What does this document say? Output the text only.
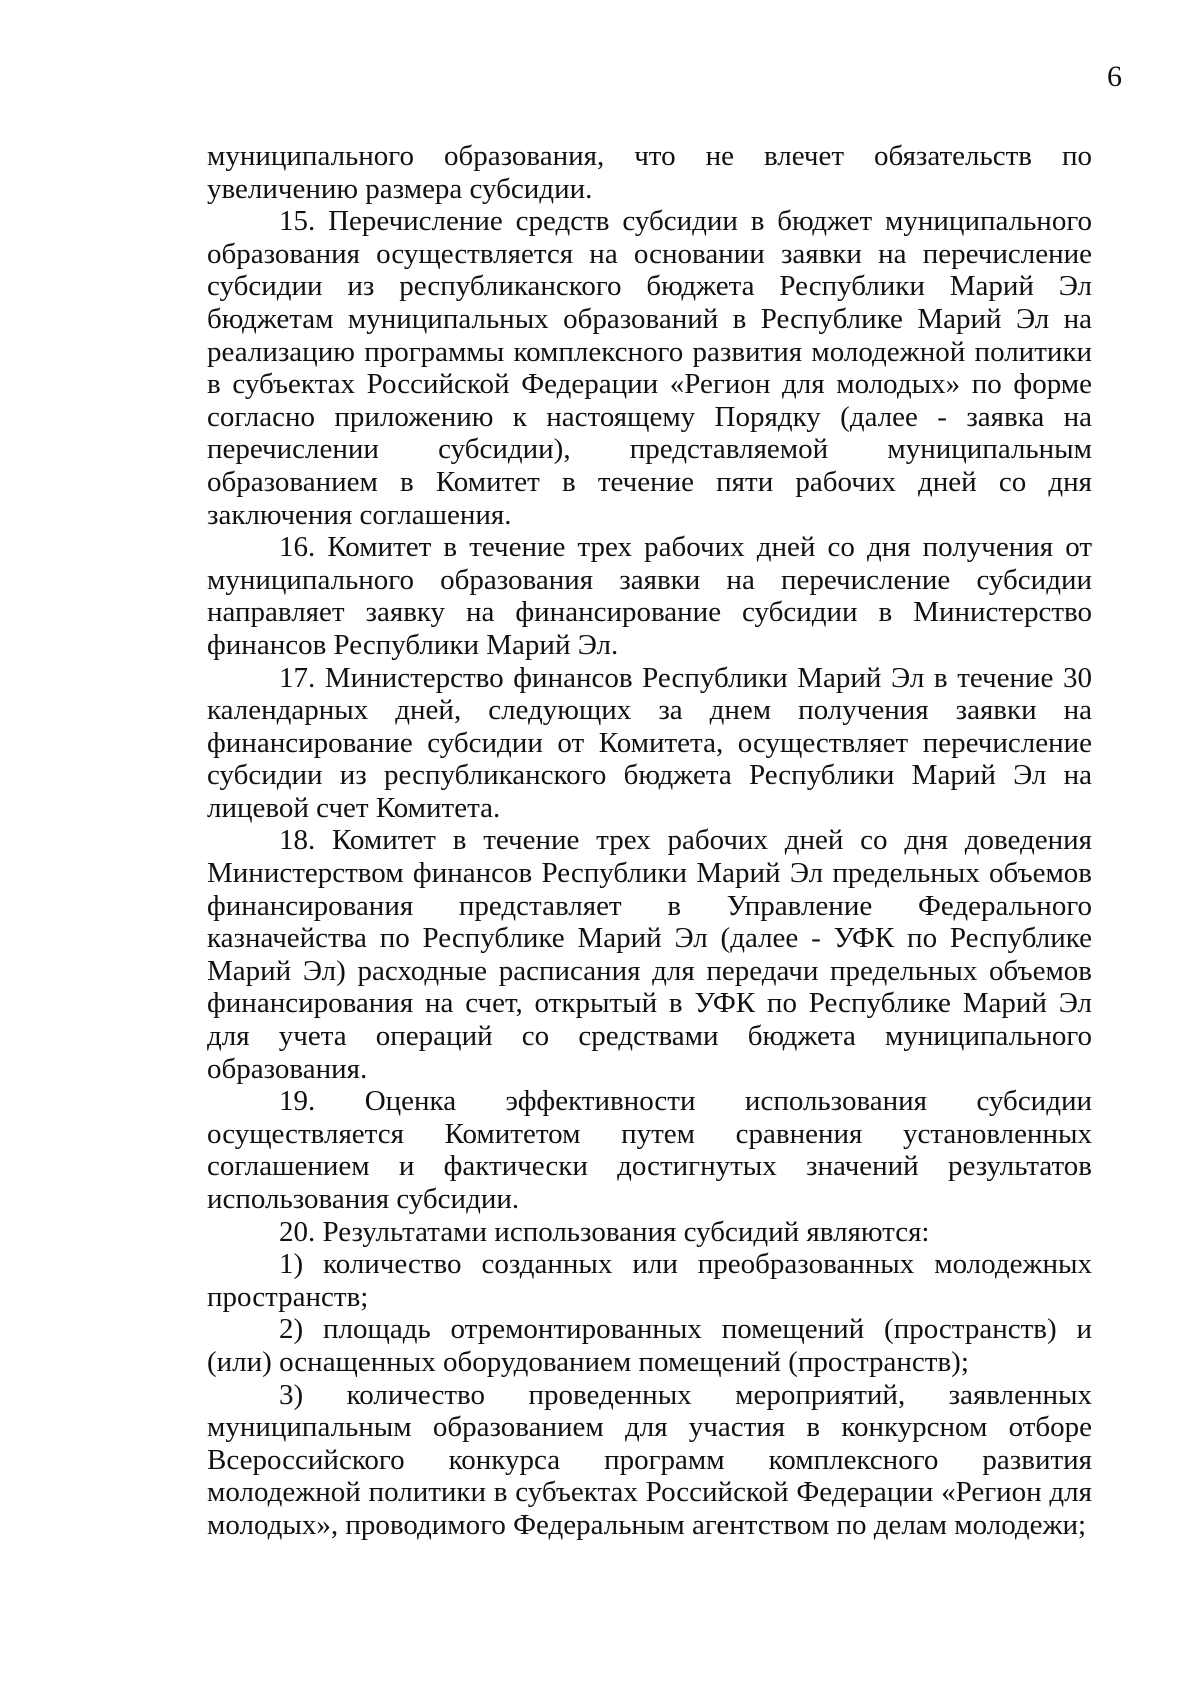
6

муниципального образования, что не влечет обязательств по увеличению размера субсидии.

15. Перечисление средств субсидии в бюджет муниципального образования осуществляется на основании заявки на перечисление субсидии из республиканского бюджета Республики Марий Эл бюджетам муниципальных образований в Республике Марий Эл на реализацию программы комплексного развития молодежной политики в субъектах Российской Федерации «Регион для молодых» по форме согласно приложению к настоящему Порядку (далее - заявка на перечислении субсидии), представляемой муниципальным образованием в Комитет в течение пяти рабочих дней со дня заключения соглашения.

16. Комитет в течение трех рабочих дней со дня получения от муниципального образования заявки на перечисление субсидии направляет заявку на финансирование субсидии в Министерство финансов Республики Марий Эл.

17. Министерство финансов Республики Марий Эл в течение 30 календарных дней, следующих за днем получения заявки на финансирование субсидии от Комитета, осуществляет перечисление субсидии из республиканского бюджета Республики Марий Эл на лицевой счет Комитета.

18. Комитет в течение трех рабочих дней со дня доведения Министерством финансов Республики Марий Эл предельных объемов финансирования представляет в Управление Федерального казначейства по Республике Марий Эл (далее - УФК по Республике Марий Эл) расходные расписания для передачи предельных объемов финансирования на счет, открытый в УФК по Республике Марий Эл для учета операций со средствами бюджета муниципального образования.

19. Оценка эффективности использования субсидии осуществляется Комитетом путем сравнения установленных соглашением и фактически достигнутых значений результатов использования субсидии.

20. Результатами использования субсидий являются:

1) количество созданных или преобразованных молодежных пространств;

2) площадь отремонтированных помещений (пространств) и (или) оснащенных оборудованием помещений (пространств);

3) количество проведенных мероприятий, заявленных муниципальным образованием для участия в конкурсном отборе Всероссийского конкурса программ комплексного развития молодежной политики в субъектах Российской Федерации «Регион для молодых», проводимого Федеральным агентством по делам молодежи;
